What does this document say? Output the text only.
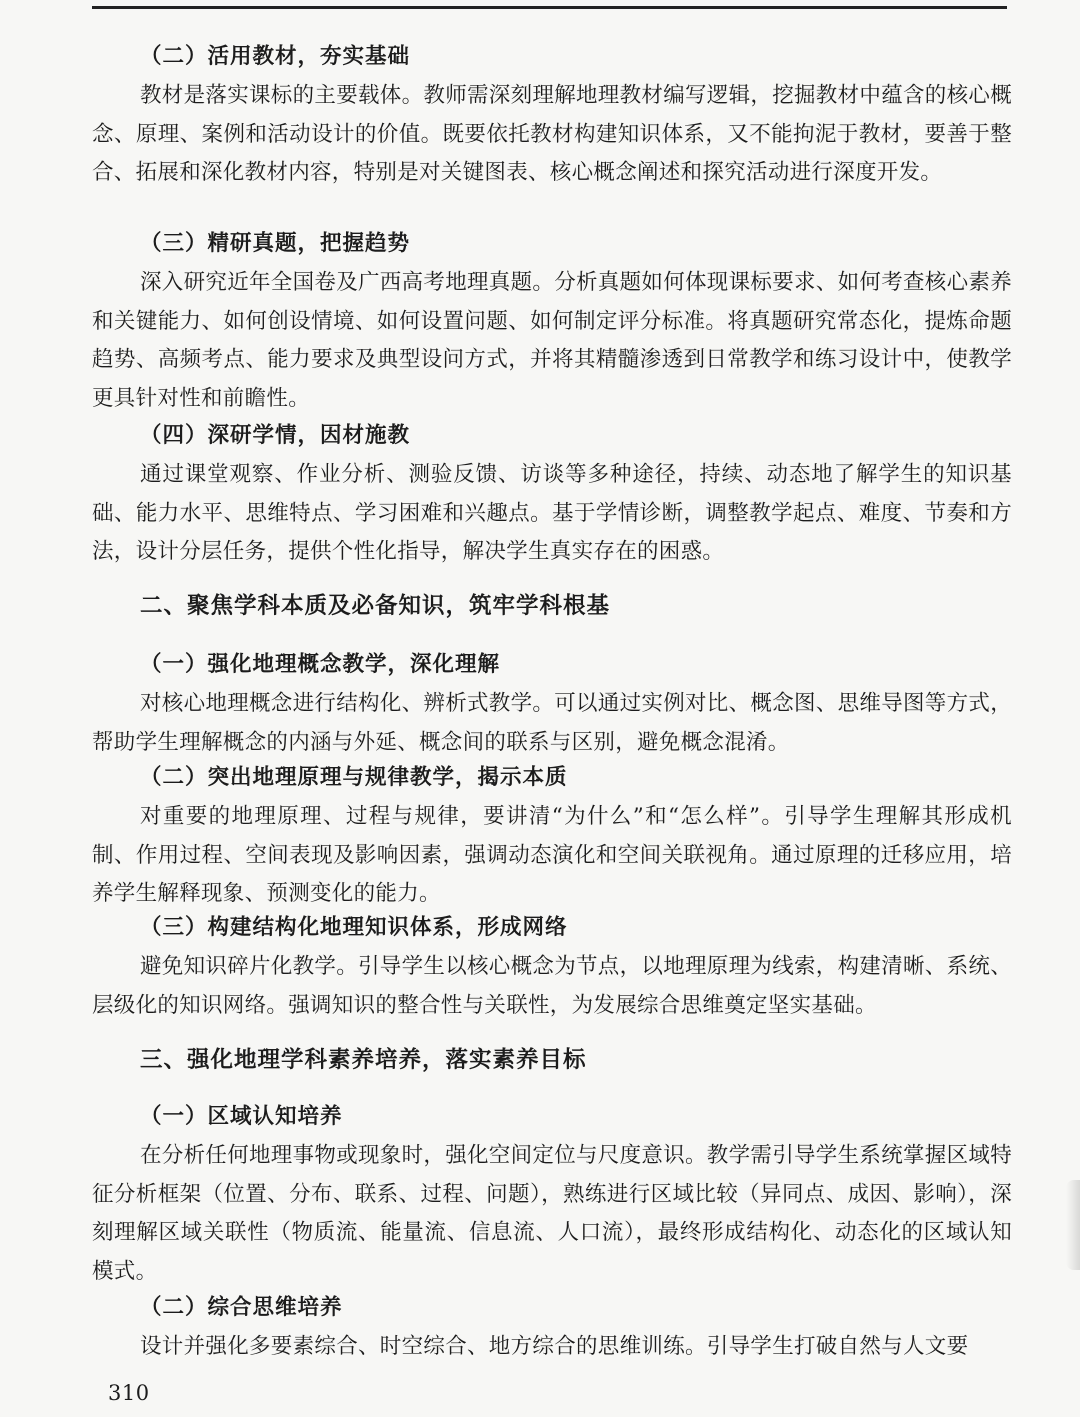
（二）活用教材，夯实基础

教材是落实课标的主要载体。教师需深刻理解地理教材编写逻辑，挖掘教材中蕴含的核心概念、原理、案例和活动设计的价值。既要依托教材构建知识体系，又不能拘泥于教材，要善于整合、拓展和深化教材内容，特别是对关键图表、核心概念阐述和探究活动进行深度开发。

（三）精研真题，把握趋势

深入研究近年全国卷及广西高考地理真题。分析真题如何体现课标要求、如何考查核心素养和关键能力、如何创设情境、如何设置问题、如何制定评分标准。将真题研究常态化，提炼命题趋势、高频考点、能力要求及典型设问方式，并将其精髓渗透到日常教学和练习设计中，使教学更具针对性和前瞻性。

（四）深研学情，因材施教

通过课堂观察、作业分析、测验反馈、访谈等多种途径，持续、动态地了解学生的知识基础、能力水平、思维特点、学习困难和兴趣点。基于学情诊断，调整教学起点、难度、节奏和方法，设计分层任务，提供个性化指导，解决学生真实存在的困惑。

二、聚焦学科本质及必备知识，筑牢学科根基

（一）强化地理概念教学，深化理解

对核心地理概念进行结构化、辨析式教学。可以通过实例对比、概念图、思维导图等方式，帮助学生理解概念的内涵与外延、概念间的联系与区别，避免概念混淆。

（二）突出地理原理与规律教学，揭示本质

对重要的地理原理、过程与规律，要讲清“为什么”和“怎么样”。引导学生理解其形成机制、作用过程、空间表现及影响因素，强调动态演化和空间关联视角。通过原理的迁移应用，培养学生解释现象、预测变化的能力。

（三）构建结构化地理知识体系，形成网络

避免知识碎片化教学。引导学生以核心概念为节点，以地理原理为线索，构建清晰、系统、层级化的知识网络。强调知识的整合性与关联性，为发展综合思维奠定坚实基础。

三、强化地理学科素养培养，落实素养目标

（一）区域认知培养

在分析任何地理事物或现象时，强化空间定位与尺度意识。教学需引导学生系统掌握区域特征分析框架（位置、分布、联系、过程、问题），熟练进行区域比较（异同点、成因、影响），深刻理解区域关联性（物质流、能量流、信息流、人口流），最终形成结构化、动态化的区域认知模式。

（二）综合思维培养

设计并强化多要素综合、时空综合、地方综合的思维训练。引导学生打破自然与人文要

310
